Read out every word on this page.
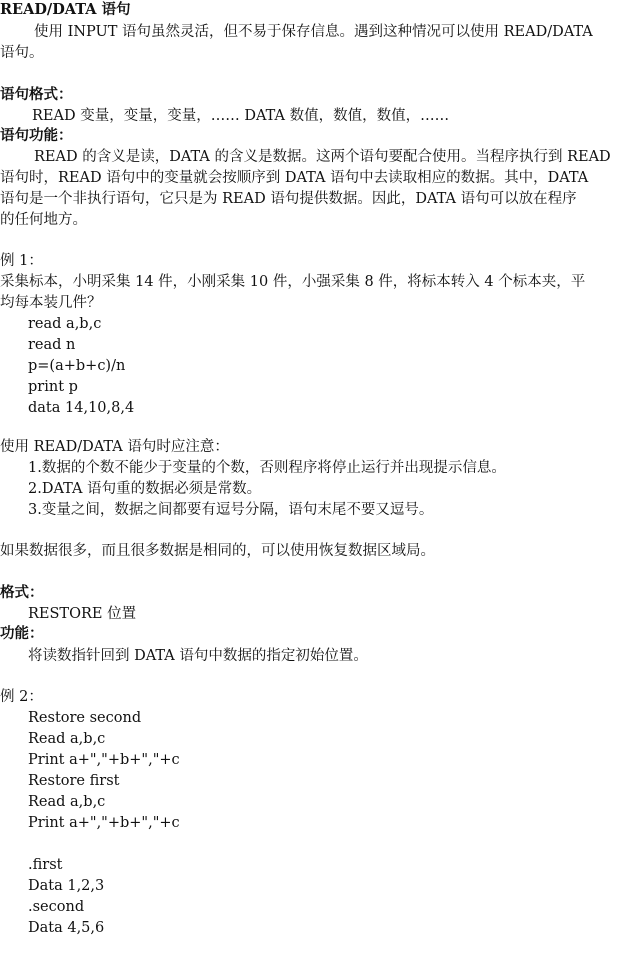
READ/DATA 语句
使用 INPUT 语句虽然灵活，但不易于保存信息。遇到这种情况可以使用 READ/DATA
语句。
语句格式：
READ 变量，变量，变量，…… DATA 数值，数值，数值，……
语句功能：
READ 的含义是读，DATA 的含义是数据。这两个语句要配合使用。当程序执行到 READ
语句时，READ 语句中的变量就会按顺序到 DATA 语句中去读取相应的数据。其中，DATA
语句是一个非执行语句，它只是为 READ 语句提供数据。因此，DATA 语句可以放在程序
的任何地方。
例 1：
采集标本，小明采集 14 件，小刚采集 10 件，小强采集 8 件，将标本转入 4 个标本夹，平
均每本装几件？
read a,b,c
read n
p=(a+b+c)/n
print p
data 14,10,8,4
使用 READ/DATA 语句时应注意：
1.数据的个数不能少于变量的个数，否则程序将停止运行并出现提示信息。
2.DATA 语句重的数据必须是常数。
3.变量之间，数据之间都要有逗号分隔，语句末尾不要又逗号。
如果数据很多，而且很多数据是相同的，可以使用恢复数据区域局。
格式：
RESTORE 位置
功能：
将读数指针回到 DATA 语句中数据的指定初始位置。
例 2：
Restore second
Read a,b,c
Print a+","+b+","+c
Restore first
Read a,b,c
Print a+","+b+","+c
.first
Data 1,2,3
.second
Data 4,5,6
